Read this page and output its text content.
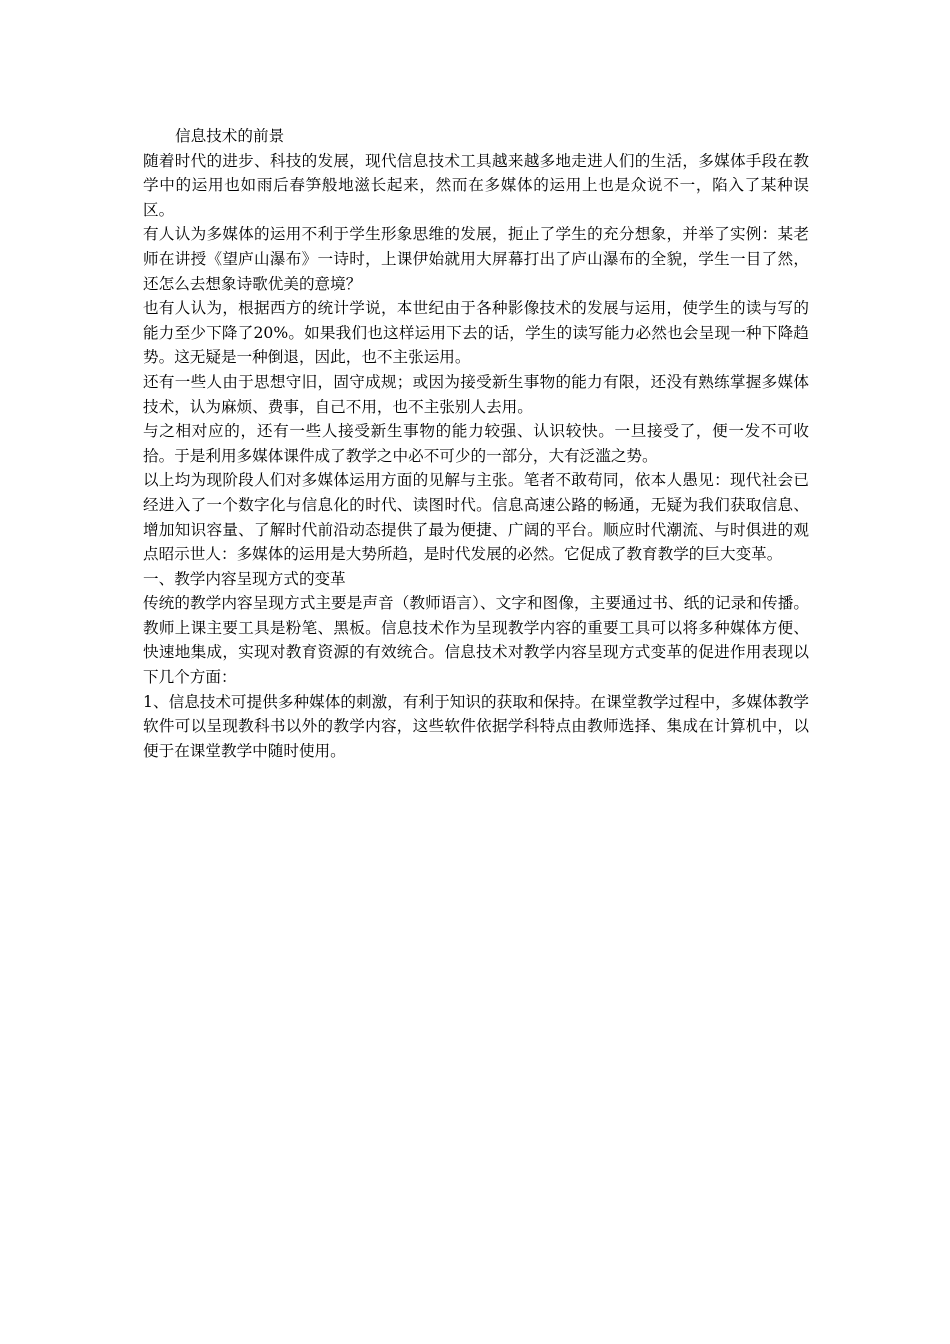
信息技术的前景

随着时代的进步、科技的发展，现代信息技术工具越来越多地走进人们的生活，多媒体手段在教学中的运用也如雨后春笋般地滋长起来，然而在多媒体的运用上也是众说不一，陷入了某种误区。

有人认为多媒体的运用不利于学生形象思维的发展，扼止了学生的充分想象，并举了实例：某老师在讲授《望庐山瀑布》一诗时，上课伊始就用大屏幕打出了庐山瀑布的全貌，学生一目了然，还怎么去想象诗歌优美的意境？

也有人认为，根据西方的统计学说，本世纪由于各种影像技术的发展与运用，使学生的读与写的能力至少下降了20%。如果我们也这样运用下去的话，学生的读写能力必然也会呈现一种下降趋势。这无疑是一种倒退，因此，也不主张运用。

还有一些人由于思想守旧，固守成规；或因为接受新生事物的能力有限，还没有熟练掌握多媒体技术，认为麻烦、费事，自己不用，也不主张别人去用。

与之相对应的，还有一些人接受新生事物的能力较强、认识较快。一旦接受了，便一发不可收拾。于是利用多媒体课件成了教学之中必不可少的一部分，大有泛滥之势。

以上均为现阶段人们对多媒体运用方面的见解与主张。笔者不敢苟同，依本人愚见：现代社会已经进入了一个数字化与信息化的时代、读图时代。信息高速公路的畅通，无疑为我们获取信息、增加知识容量、了解时代前沿动态提供了最为便捷、广阔的平台。顺应时代潮流、与时俱进的观点昭示世人：多媒体的运用是大势所趋，是时代发展的必然。它促成了教育教学的巨大变革。

一、教学内容呈现方式的变革

传统的教学内容呈现方式主要是声音（教师语言）、文字和图像，主要通过书、纸的记录和传播。教师上课主要工具是粉笔、黑板。信息技术作为呈现教学内容的重要工具可以将多种媒体方便、快速地集成，实现对教育资源的有效统合。信息技术对教学内容呈现方式变革的促进作用表现以下几个方面：

1、信息技术可提供多种媒体的刺激，有利于知识的获取和保持。在课堂教学过程中，多媒体教学软件可以呈现教科书以外的教学内容，这些软件依据学科特点由教师选择、集成在计算机中，以便于在课堂教学中随时使用。
